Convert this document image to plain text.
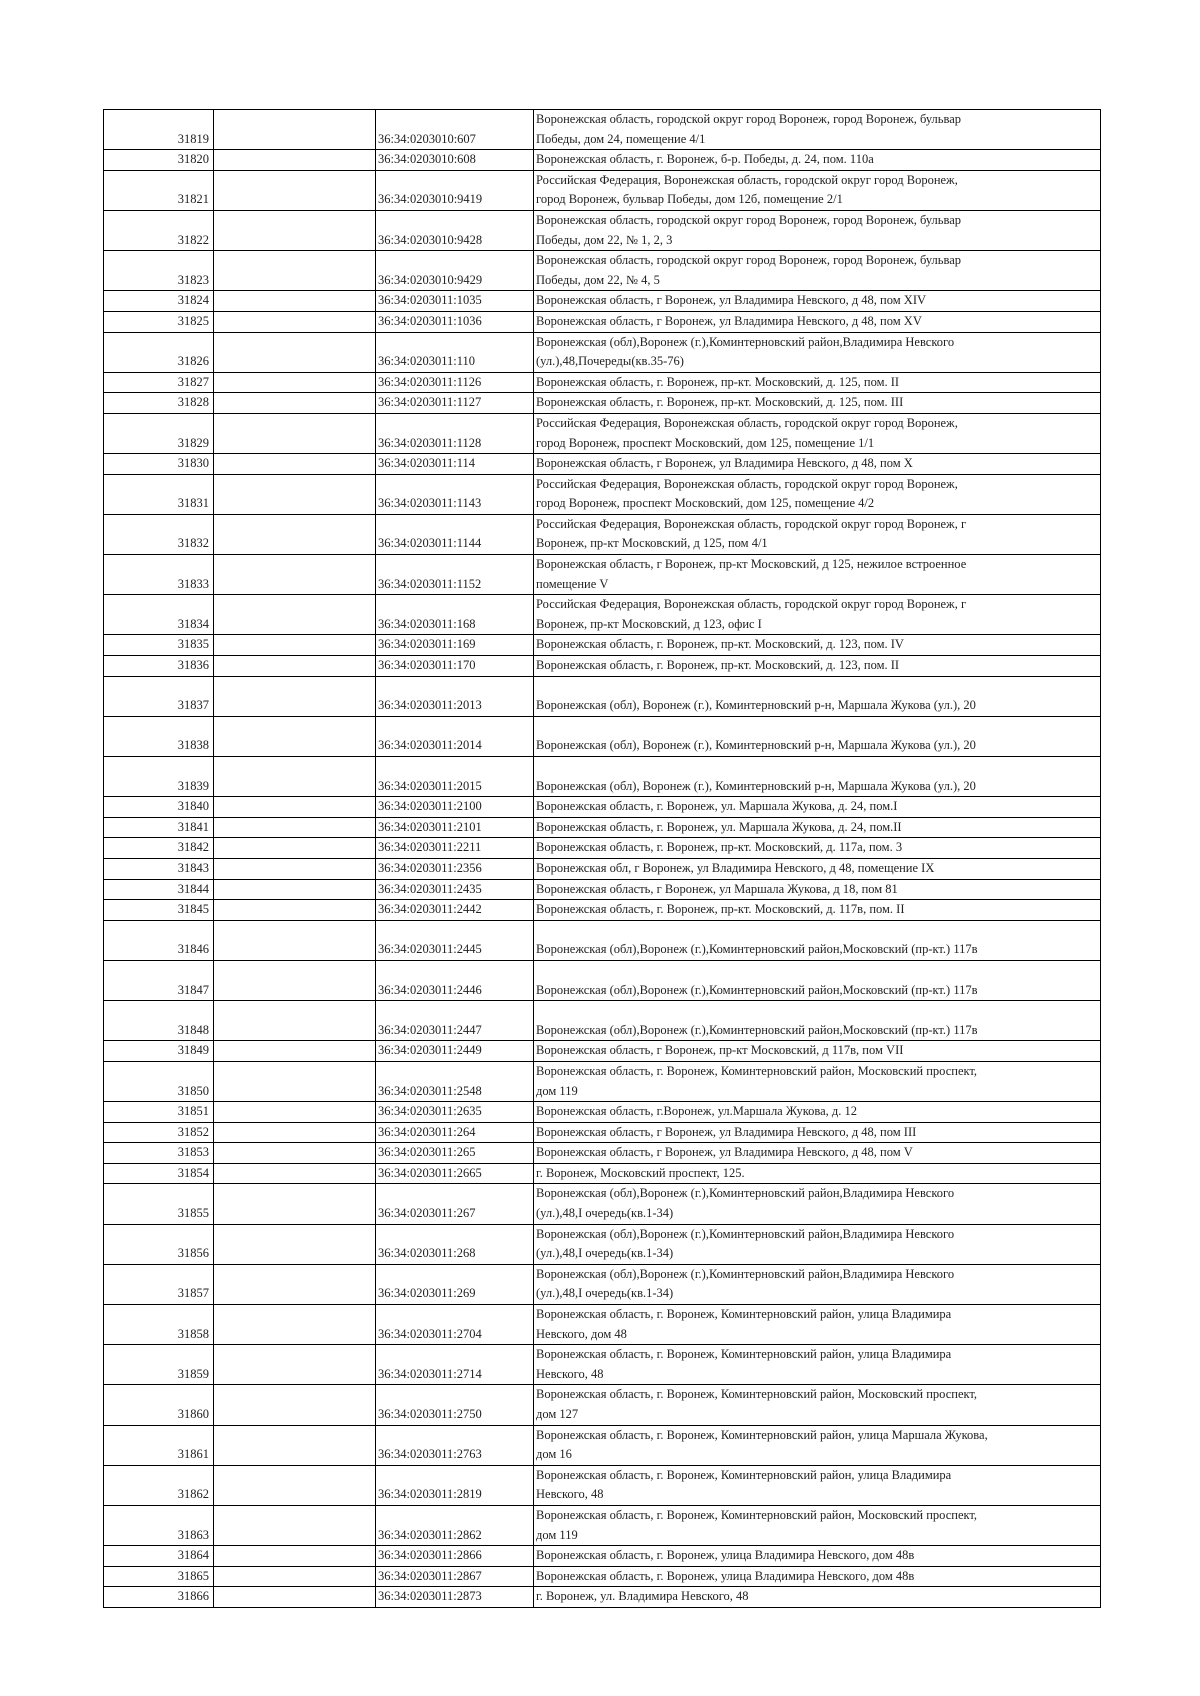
31819		36:34:0203010:607	Воронежская область, городской округ город Воронеж, город Воронеж, бульвар
Победы, дом 24, помещение 4/1

31820		36:34:0203010:608	Воронежская область, г. Воронеж, б-р. Победы, д. 24, пом. 110а

31821		36:34:0203010:9419	Российская Федерация, Воронежская область, городской округ город Воронеж,
город Воронеж, бульвар Победы, дом 12б, помещение 2/1

31822		36:34:0203010:9428	Воронежская область, городской округ город Воронеж, город Воронеж, бульвар
Победы, дом 22, № 1, 2, 3

31823		36:34:0203010:9429	Воронежская область, городской округ город Воронеж, город Воронеж, бульвар
Победы, дом 22, № 4, 5

31824		36:34:0203011:1035	Воронежская область, г Воронеж, ул Владимира Невского, д 48, пом XIV

31825		36:34:0203011:1036	Воронежская область, г Воронеж, ул Владимира Невского, д 48, пом XV

31826		36:34:0203011:110	Воронежская (обл),Воронеж (г.),Коминтерновский район,Владимира Невского
(ул.),48,Почереды(кв.35-76)

31827		36:34:0203011:1126	Воронежская область, г. Воронеж, пр-кт. Московский, д. 125, пом. II

31828		36:34:0203011:1127	Воронежская область, г. Воронеж, пр-кт. Московский, д. 125, пом. III

31829		36:34:0203011:1128	Российская Федерация, Воронежская область, городской округ город Воронеж,
город Воронеж, проспект Московский, дом 125, помещение 1/1

31830		36:34:0203011:114	Воронежская область, г Воронеж, ул Владимира Невского, д 48, пом X

31831		36:34:0203011:1143	Российская Федерация, Воронежская область, городской округ город Воронеж,
город Воронеж, проспект Московский, дом 125, помещение 4/2

31832		36:34:0203011:1144	Российская Федерация, Воронежская область, городской округ город Воронеж, г
Воронеж, пр-кт Московский, д 125, пом 4/1

31833		36:34:0203011:1152	Воронежская область, г Воронеж, пр-кт Московский, д 125, нежилое встроенное
помещение V

31834		36:34:0203011:168	Российская Федерация, Воронежская область, городской округ город Воронеж, г
Воронеж, пр-кт Московский, д 123, офис I

31835		36:34:0203011:169	Воронежская область, г. Воронеж, пр-кт. Московский, д. 123, пом. IV

31836		36:34:0203011:170	Воронежская область, г. Воронеж, пр-кт. Московский, д. 123, пом. II

31837		36:34:0203011:2013	Воронежская (обл), Воронеж (г.), Коминтерновский р-н, Маршала Жукова (ул.), 20

31838		36:34:0203011:2014	Воронежская (обл), Воронеж (г.), Коминтерновский р-н, Маршала Жукова (ул.), 20

31839		36:34:0203011:2015	Воронежская (обл), Воронеж (г.), Коминтерновский р-н, Маршала Жукова (ул.), 20

31840		36:34:0203011:2100	Воронежская область, г. Воронеж, ул. Маршала Жукова, д. 24, пом.I

31841		36:34:0203011:2101	Воронежская область, г. Воронеж, ул. Маршала Жукова, д. 24, пом.II

31842		36:34:0203011:2211	Воронежская область, г. Воронеж, пр-кт. Московский, д. 117а, пом. 3

31843		36:34:0203011:2356	Воронежская обл, г Воронеж, ул Владимира Невского, д 48, помещение IX

31844		36:34:0203011:2435	Воронежская область, г Воронеж, ул Маршала Жукова, д 18, пом 81

31845		36:34:0203011:2442	Воронежская область, г. Воронеж, пр-кт. Московский, д. 117в, пом. II

31846		36:34:0203011:2445	Воронежская (обл),Воронеж (г.),Коминтерновский район,Московский (пр-кт.) 117в

31847		36:34:0203011:2446	Воронежская (обл),Воронеж (г.),Коминтерновский район,Московский (пр-кт.) 117в

31848		36:34:0203011:2447	Воронежская (обл),Воронеж (г.),Коминтерновский район,Московский (пр-кт.) 117в

31849		36:34:0203011:2449	Воронежская область, г Воронеж, пр-кт Московский, д 117в, пом VII

31850		36:34:0203011:2548	Воронежская область, г. Воронеж, Коминтерновский район, Московский проспект,
дом 119

31851		36:34:0203011:2635	Воронежская область, г.Воронеж, ул.Маршала Жукова, д. 12

31852		36:34:0203011:264	Воронежская область, г Воронеж, ул Владимира Невского, д 48, пом III

31853		36:34:0203011:265	Воронежская область, г Воронеж, ул Владимира Невского, д 48, пом V

31854		36:34:0203011:2665	г. Воронеж, Московский проспект, 125.

31855		36:34:0203011:267	Воронежская (обл),Воронеж (г.),Коминтерновский район,Владимира Невского
(ул.),48,I очередь(кв.1-34)

31856		36:34:0203011:268	Воронежская (обл),Воронеж (г.),Коминтерновский район,Владимира Невского
(ул.),48,I очередь(кв.1-34)

31857		36:34:0203011:269	Воронежская (обл),Воронеж (г.),Коминтерновский район,Владимира Невского
(ул.),48,I очередь(кв.1-34)

31858		36:34:0203011:2704	Воронежская область, г. Воронеж, Коминтерновский район, улица Владимира
Невского, дом 48

31859		36:34:0203011:2714	Воронежская область, г. Воронеж, Коминтерновский район, улица Владимира
Невского, 48

31860		36:34:0203011:2750	Воронежская область, г. Воронеж, Коминтерновский район, Московский проспект,
дом 127

31861		36:34:0203011:2763	Воронежская область, г. Воронеж, Коминтерновский район, улица Маршала Жукова,
дом 16

31862		36:34:0203011:2819	Воронежская область, г. Воронеж, Коминтерновский район, улица Владимира
Невского, 48

31863		36:34:0203011:2862	Воронежская область, г. Воронеж, Коминтерновский район, Московский проспект,
дом 119

31864		36:34:0203011:2866	Воронежская область, г. Воронеж, улица Владимира Невского, дом 48в

31865		36:34:0203011:2867	Воронежская область, г. Воронеж, улица Владимира Невского, дом 48в

31866		36:34:0203011:2873	г. Воронеж, ул. Владимира Невского, 48
